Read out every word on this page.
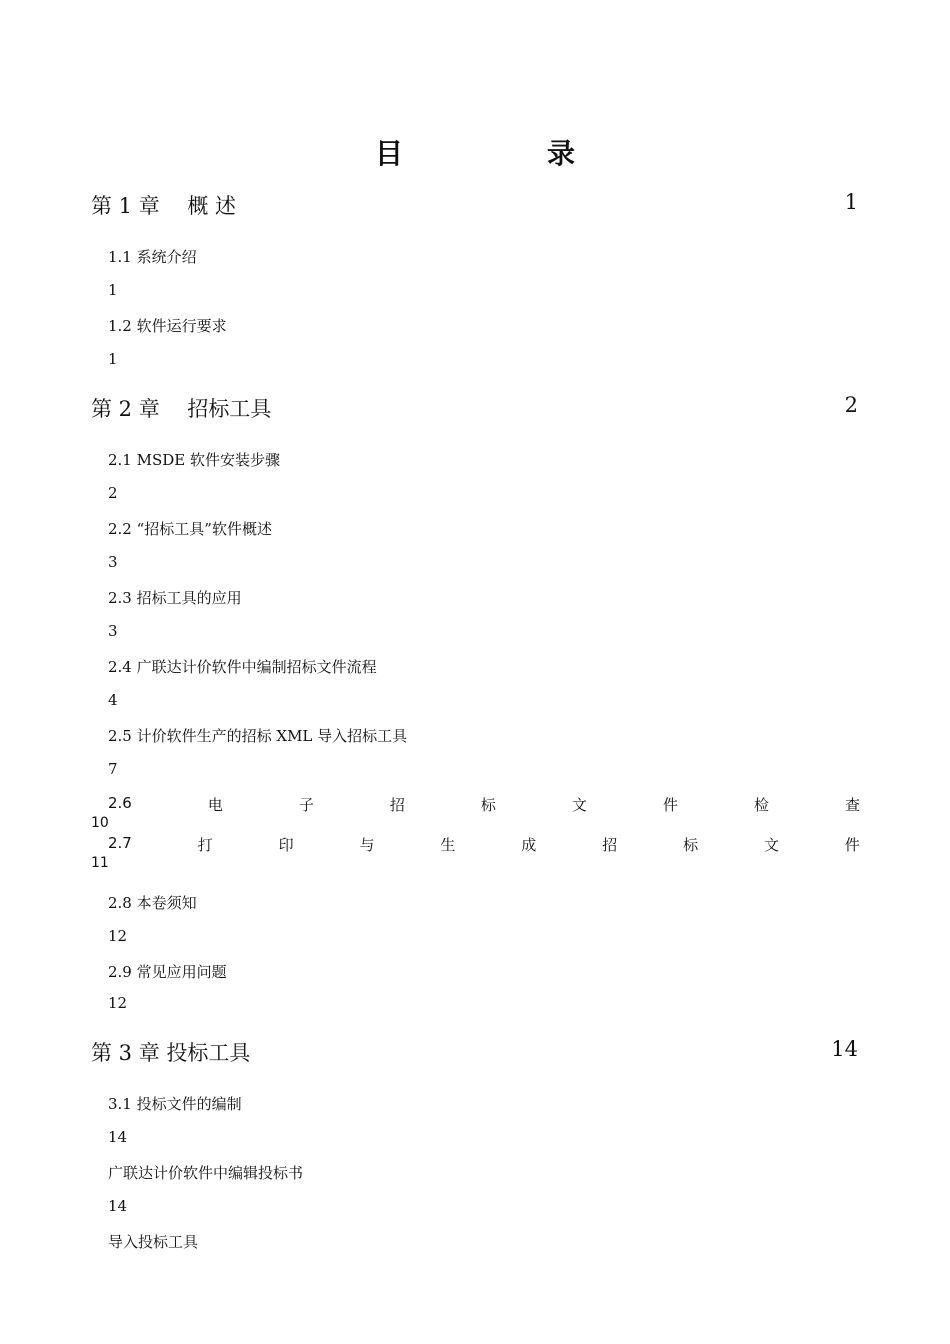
目　录
第 1 章　 概 述	1
1.1 系统介绍
1
1.2 软件运行要求
1
第 2 章　 招标工具	2
2.1 MSDE 软件安装步骤
2
2.2 “招标工具”软件概述
3
2.3 招标工具的应用
3
2.4 广联达计价软件中编制招标文件流程
4
2.5 计价软件生产的招标 XML 导入招标工具
7
2.6	电	子	招	标	文	件	检	查
10
2.7	打	印	与	生	成	招	标	文	件
11
2.8 本卷须知
12
2.9 常见应用问题
12
第 3 章 投标工具	14
3.1 投标文件的编制
14
广联达计价软件中编辑投标书
14
导入投标工具
